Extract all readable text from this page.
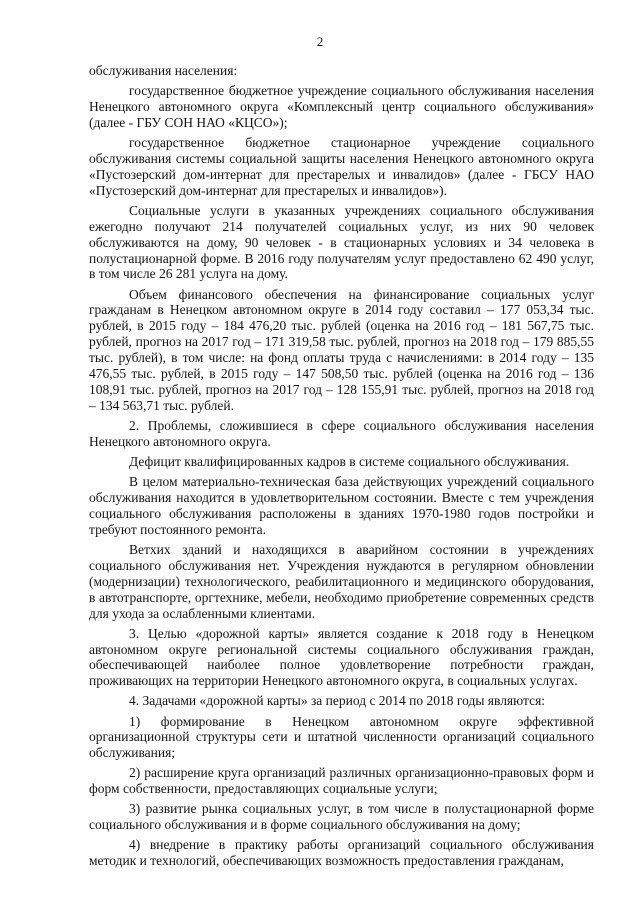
2

обслуживания населения:

государственное бюджетное учреждение социального обслуживания населения Ненецкого автономного округа «Комплексный центр социального обслуживания» (далее - ГБУ СОН НАО «КЦСО»);

государственное бюджетное стационарное учреждение социального обслуживания системы социальной защиты населения Ненецкого автономного округа «Пустозерский дом-интернат для престарелых и инвалидов» (далее - ГБСУ НАО «Пустозерский дом-интернат для престарелых и инвалидов»).

Социальные услуги в указанных учреждениях социального обслуживания ежегодно получают 214 получателей социальных услуг, из них 90 человек обслуживаются на дому, 90 человек - в стационарных условиях и 34 человека в полустационарной форме. В 2016 году получателям услуг предоставлено 62 490 услуг, в том числе 26 281 услуга на дому.

Объем финансового обеспечения на финансирование социальных услуг гражданам в Ненецком автономном округе в 2014 году составил – 177 053,34 тыс. рублей, в 2015 году – 184 476,20 тыс. рублей (оценка на 2016 год – 181 567,75 тыс. рублей, прогноз на 2017 год – 171 319,58 тыс. рублей, прогноз на 2018 год – 179 885,55 тыс. рублей), в том числе: на фонд оплаты труда с начислениями: в 2014 году – 135 476,55 тыс. рублей, в 2015 году – 147 508,50 тыс. рублей (оценка на 2016 год – 136 108,91 тыс. рублей, прогноз на 2017 год – 128 155,91 тыс. рублей, прогноз на 2018 год – 134 563,71 тыс. рублей.

2. Проблемы, сложившиеся в сфере социального обслуживания населения Ненецкого автономного округа.

Дефицит квалифицированных кадров в системе социального обслуживания.

В целом материально-техническая база действующих учреждений социального обслуживания находится в удовлетворительном состоянии. Вместе с тем учреждения социального обслуживания расположены в зданиях 1970-1980 годов постройки и требуют постоянного ремонта.

Ветхих зданий и находящихся в аварийном состоянии в учреждениях социального обслуживания нет. Учреждения нуждаются в регулярном обновлении (модернизации) технологического, реабилитационного и медицинского оборудования, в автотранспорте, оргтехнике, мебели, необходимо приобретение современных средств для ухода за ослабленными клиентами.

3. Целью «дорожной карты» является создание к 2018 году в Ненецком автономном округе региональной системы социального обслуживания граждан, обеспечивающей наиболее полное удовлетворение потребности граждан, проживающих на территории Ненецкого автономного округа, в социальных услугах.

4. Задачами «дорожной карты» за период с 2014 по 2018 годы являются:

1) формирование в Ненецком автономном округе эффективной организационной структуры сети и штатной численности организаций социального обслуживания;

2) расширение круга организаций различных организационно-правовых форм и форм собственности, предоставляющих социальные услуги;

3) развитие рынка социальных услуг, в том числе в полустационарной форме социального обслуживания и в форме социального обслуживания на дому;

4) внедрение в практику работы организаций социального обслуживания методик и технологий, обеспечивающих возможность предоставления гражданам,
